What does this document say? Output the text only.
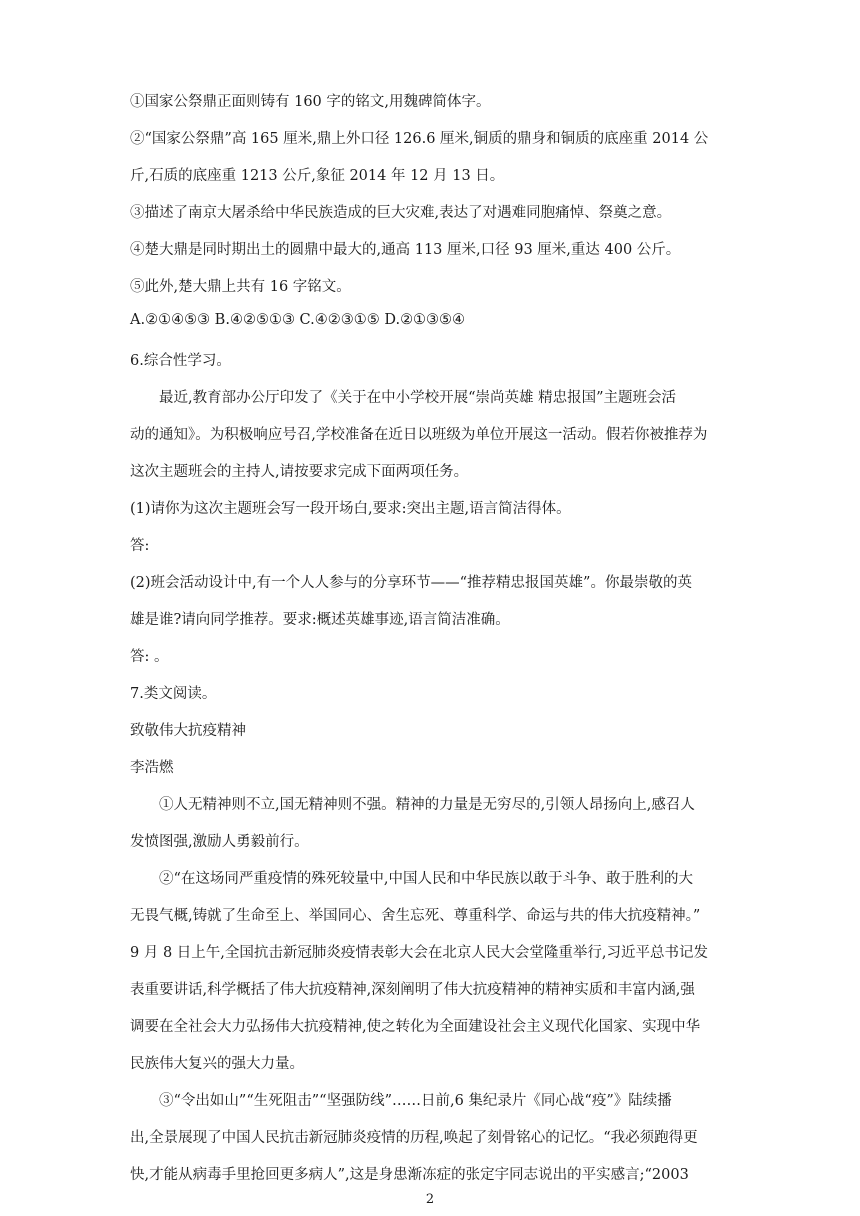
①国家公祭鼎正面则铸有 160 字的铭文,用魏碑简体字。
②“国家公祭鼎”高 165 厘米,鼎上外口径 126.6 厘米,铜质的鼎身和铜质的底座重 2014 公
斤,石质的底座重 1213 公斤,象征 2014 年 12 月 13 日。
③描述了南京大屠杀给中华民族造成的巨大灾难,表达了对遇难同胞痛悼、祭奠之意。
④楚大鼎是同时期出土的圆鼎中最大的,通高 113 厘米,口径 93 厘米,重达 400 公斤。
⑤此外,楚大鼎上共有 16 字铭文。
A.②①④⑤③ B.④②⑤①③ C.④②③①⑤ D.②①③⑤④
6.综合性学习。
最近,教育部办公厅印发了《关于在中小学校开展“崇尚英雄 精忠报国”主题班会活
动的通知》。为积极响应号召,学校准备在近日以班级为单位开展这一活动。假若你被推荐为
这次主题班会的主持人,请按要求完成下面两项任务。
(1)请你为这次主题班会写一段开场白,要求:突出主题,语言简洁得体。
答:
(2)班会活动设计中,有一个人人参与的分享环节——“推荐精忠报国英雄”。你最崇敬的英
雄是谁?请向同学推荐。要求:概述英雄事迹,语言简洁准确。
答: 。
7.类文阅读。
致敬伟大抗疫精神
李浩燃
①人无精神则不立,国无精神则不强。精神的力量是无穷尽的,引领人昂扬向上,感召人
发愤图强,激励人勇毅前行。
②“在这场同严重疫情的殊死较量中,中国人民和中华民族以敢于斗争、敢于胜利的大
无畏气概,铸就了生命至上、举国同心、舍生忘死、尊重科学、命运与共的伟大抗疫精神。”
9 月 8 日上午,全国抗击新冠肺炎疫情表彰大会在北京人民大会堂隆重举行,习近平总书记发
表重要讲话,科学概括了伟大抗疫精神,深刻阐明了伟大抗疫精神的精神实质和丰富内涵,强
调要在全社会大力弘扬伟大抗疫精神,使之转化为全面建设社会主义现代化国家、实现中华
民族伟大复兴的强大力量。
③“令出如山”“生死阻击”“坚强防线”……日前,6 集纪录片《同心战“疫”》陆续播
出,全景展现了中国人民抗击新冠肺炎疫情的历程,唤起了刻骨铭心的记忆。“我必须跑得更
快,才能从病毒手里抢回更多病人”,这是身患渐冻症的张定宇同志说出的平实感言;“2003
2
